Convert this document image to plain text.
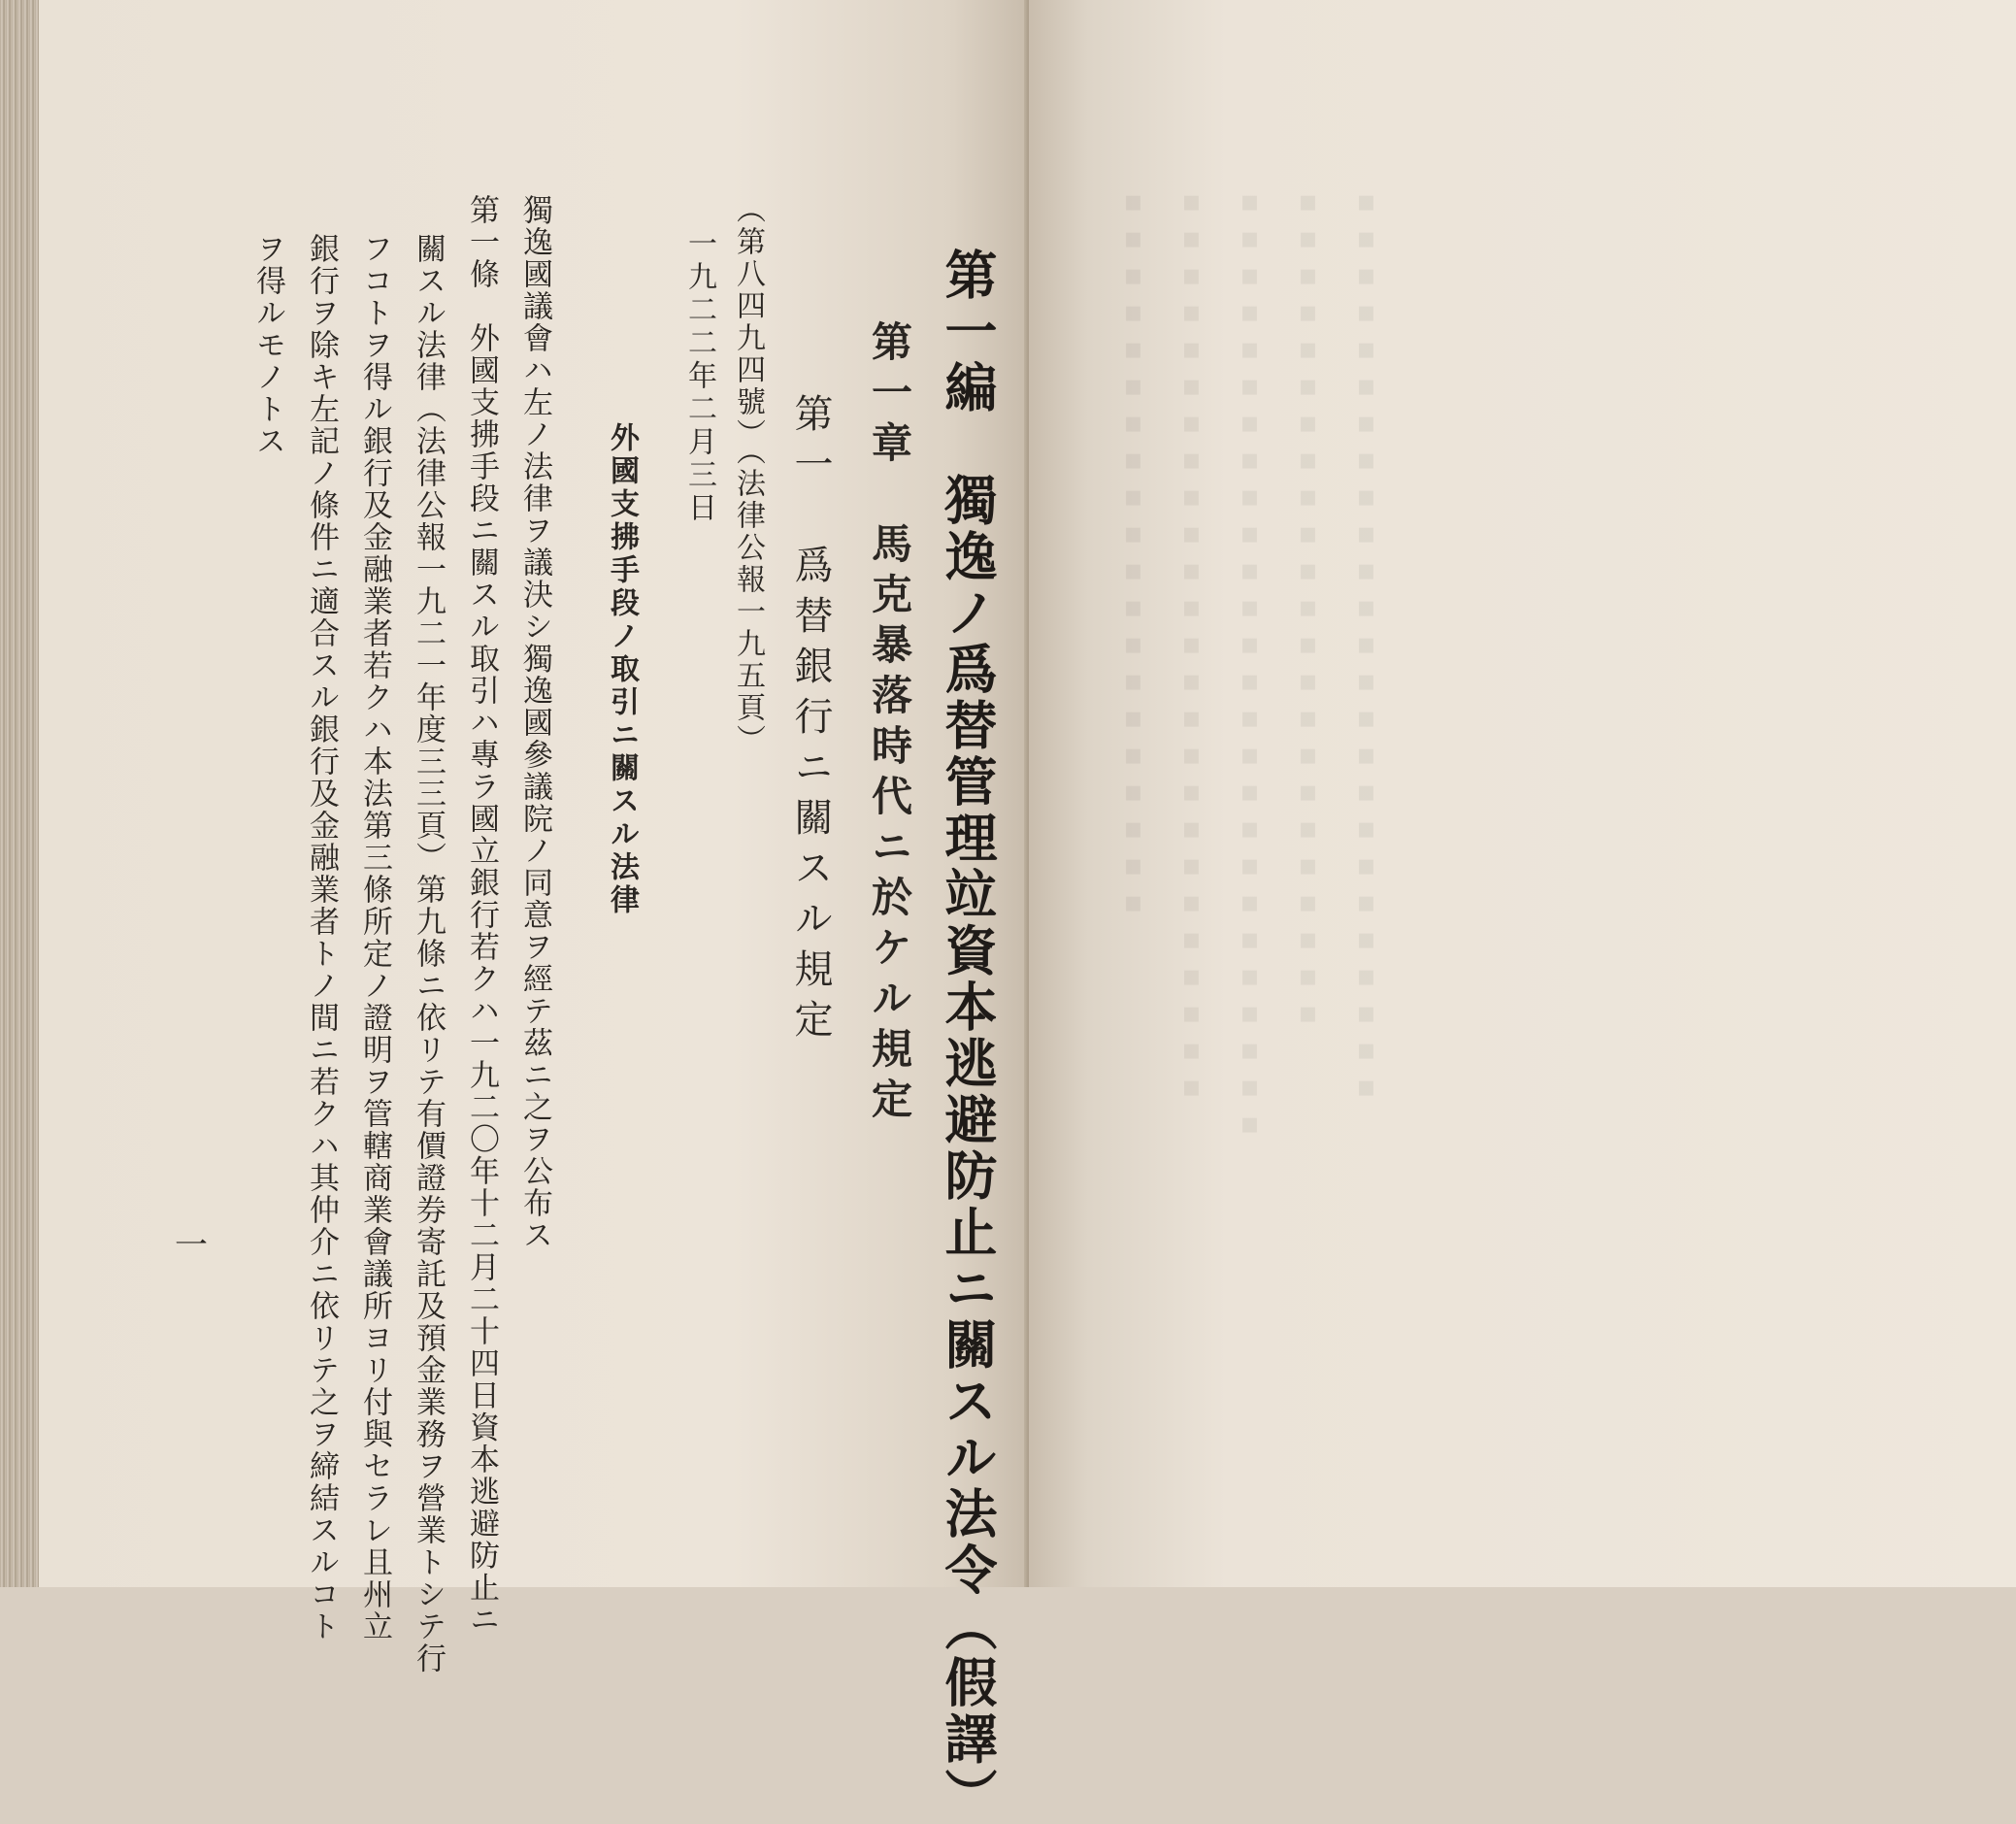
第一編　獨逸ノ爲替管理竝資本逃避防止ニ關スル法令（假譯）
第一章　馬克暴落時代ニ於ケル規定
第一　爲替銀行ニ關スル規定
（第八四九四號）（法律公報一九五頁）
一九二二年二月三日
外國支拂手段ノ取引ニ關スル法律
獨逸國議會ハ左ノ法律ヲ議決シ獨逸國參議院ノ同意ヲ經テ茲ニ之ヲ公布ス
第一條　外國支拂手段ニ關スル取引ハ專ラ國立銀行若クハ一九二〇年十二月二十四日資本逃避防止ニ
關スル法律（法律公報一九二一年度三三頁）第九條ニ依リテ有價證券寄託及預金業務ヲ營業トシテ行
フコトヲ得ル銀行及金融業者若クハ本法第三條所定ノ證明ヲ管轄商業會議所ヨリ付與セラレ且州立
銀行ヲ除キ左記ノ條件ニ適合スル銀行及金融業者トノ間ニ若クハ其仲介ニ依リテ之ヲ締結スルコト
ヲ得ルモノトス
一
▪▪▪▪▪▪▪▪▪▪▪▪▪▪▪▪▪▪▪▪ ▪▪▪▪▪▪▪▪▪▪▪▪▪▪▪▪▪▪▪▪▪▪▪▪▪ ▪▪▪▪▪▪▪▪▪▪▪▪▪▪▪▪▪▪▪▪▪▪▪▪▪▪ ▪▪▪▪▪▪▪▪▪▪▪▪▪▪▪▪▪▪▪▪▪▪▪ ▪▪▪▪▪▪▪▪▪▪▪▪▪▪▪▪▪▪▪▪▪▪▪▪▪
